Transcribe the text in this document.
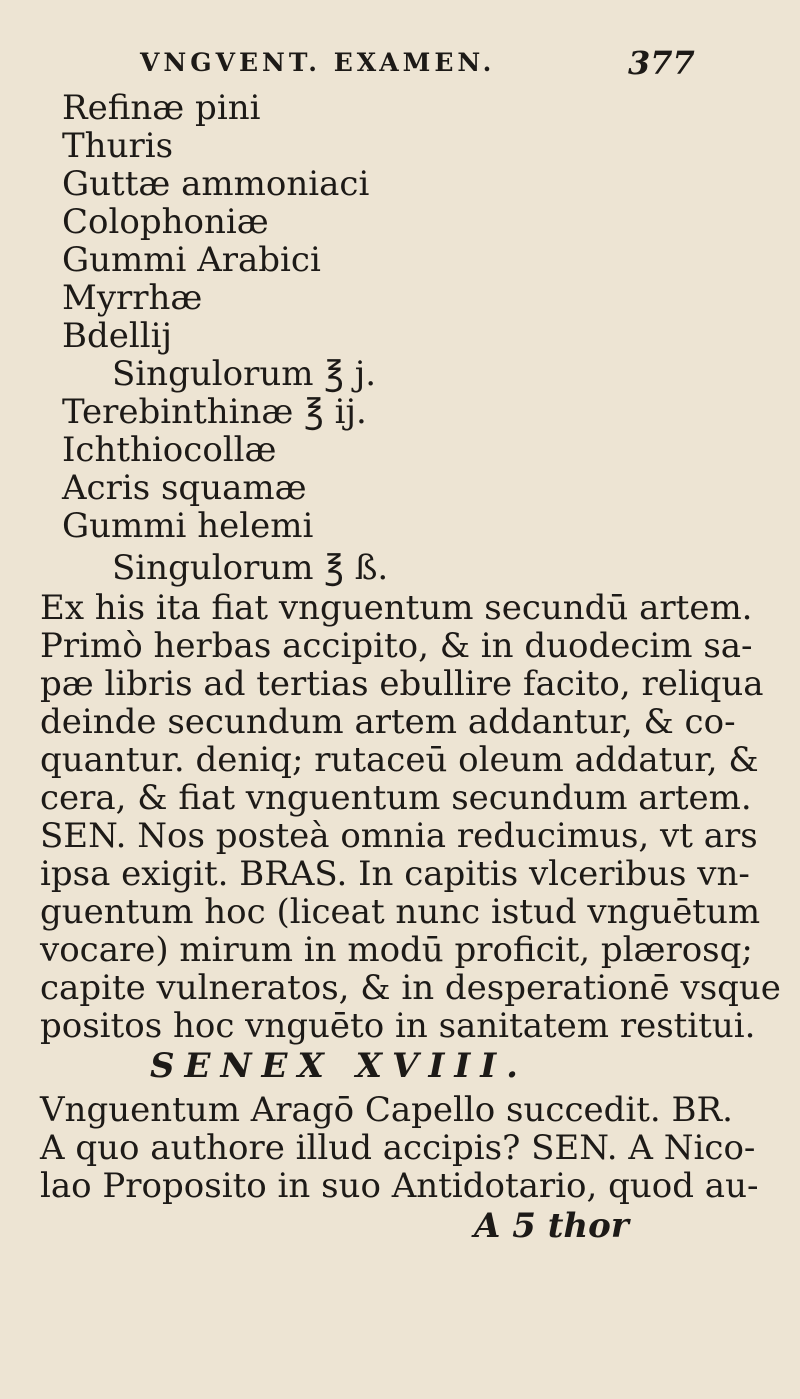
VNGVENT. EXAMEN.	377
Refinæ pini
Thuris
Guttæ ammoniaci
Colophoniæ
Gummi Arabici
Myrrhæ
Bdellij
Singulorum ℥ j.
Terebinthinæ ℥ ij.
Ichthiocollæ
Acris squamæ
Gummi helemi
Singulorum ℥ ß.
Ex his ita fiat vnguentum secundū artem.
Primò herbas accipito, & in duodecim sa-
pæ libris ad tertias ebullire facito, reliqua
deinde secundum artem addantur, & co-
quantur. deniq; rutaceū oleum addatur, &
cera, & fiat vnguentum secundum artem.
SEN. Nos posteà omnia reducimus, vt ars
ipsa exigit. BRAS. In capitis vlceribus vn-
guentum hoc (liceat nunc istud vnguētum
vocare) mirum in modū proficit, plærosq;
capite vulneratos, & in desperationē vsque
positos hoc vnguēto in sanitatem restitui.
SENEX XVIII.
Vnguentum Aragō Capello succedit. BR.
A quo authore illud accipis? SEN. A Nico-
lao Proposito in suo Antidotario, quod au-
A 5 thor
